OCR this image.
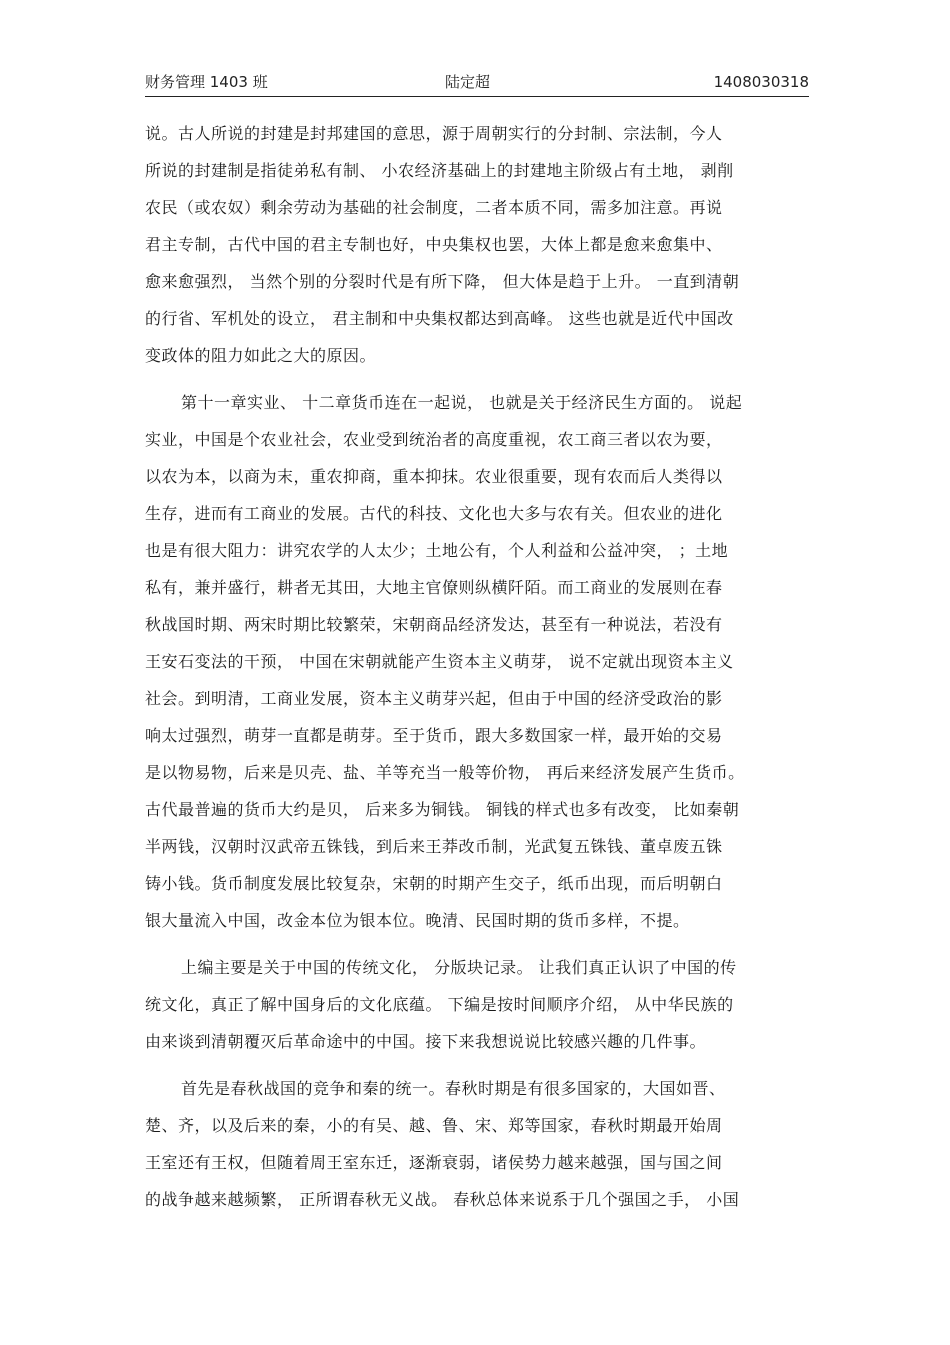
财务管理 1403 班	陆定超	1408030318
说。古人所说的封建是封邦建国的意思，源于周朝实行的分封制、宗法制，今人
所说的封建制是指徒弟私有制、 小农经济基础上的封建地主阶级占有土地， 剥削
农民（或农奴）剩余劳动为基础的社会制度，二者本质不同，需多加注意。再说
君主专制，古代中国的君主专制也好，中央集权也罢，大体上都是愈来愈集中、
愈来愈强烈， 当然个别的分裂时代是有所下降， 但大体是趋于上升。 一直到清朝
的行省、军机处的设立， 君主制和中央集权都达到高峰。 这些也就是近代中国改
变政体的阻力如此之大的原因。
第十一章实业、 十二章货币连在一起说， 也就是关于经济民生方面的。 说起
实业，中国是个农业社会，农业受到统治者的高度重视，农工商三者以农为要，
以农为本，以商为末，重农抑商，重本抑抹。农业很重要，现有农而后人类得以
生存，进而有工商业的发展。古代的科技、文化也大多与农有关。但农业的进化
也是有很大阻力：讲究农学的人太少；土地公有，个人利益和公益冲突， ；土地
私有，兼并盛行，耕者无其田，大地主官僚则纵横阡陌。而工商业的发展则在春
秋战国时期、两宋时期比较繁荣，宋朝商品经济发达，甚至有一种说法，若没有
王安石变法的干预， 中国在宋朝就能产生资本主义萌芽， 说不定就出现资本主义
社会。到明清，工商业发展，资本主义萌芽兴起，但由于中国的经济受政治的影
响太过强烈，萌芽一直都是萌芽。至于货币，跟大多数国家一样，最开始的交易
是以物易物，后来是贝壳、盐、羊等充当一般等价物， 再后来经济发展产生货币。
古代最普遍的货币大约是贝， 后来多为铜钱。 铜钱的样式也多有改变， 比如秦朝
半两钱，汉朝时汉武帝五铢钱，到后来王莽改币制，光武复五铢钱、董卓废五铢
铸小钱。货币制度发展比较复杂，宋朝的时期产生交子，纸币出现，而后明朝白
银大量流入中国，改金本位为银本位。晚清、民国时期的货币多样，不提。
上编主要是关于中国的传统文化， 分版块记录。 让我们真正认识了中国的传
统文化，真正了解中国身后的文化底蕴。 下编是按时间顺序介绍， 从中华民族的
由来谈到清朝覆灭后革命途中的中国。接下来我想说说比较感兴趣的几件事。
首先是春秋战国的竞争和秦的统一。春秋时期是有很多国家的，大国如晋、
楚、齐，以及后来的秦，小的有吴、越、鲁、宋、郑等国家，春秋时期最开始周
王室还有王权，但随着周王室东迁，逐渐衰弱，诸侯势力越来越强，国与国之间
的战争越来越频繁， 正所谓春秋无义战。 春秋总体来说系于几个强国之手， 小国
